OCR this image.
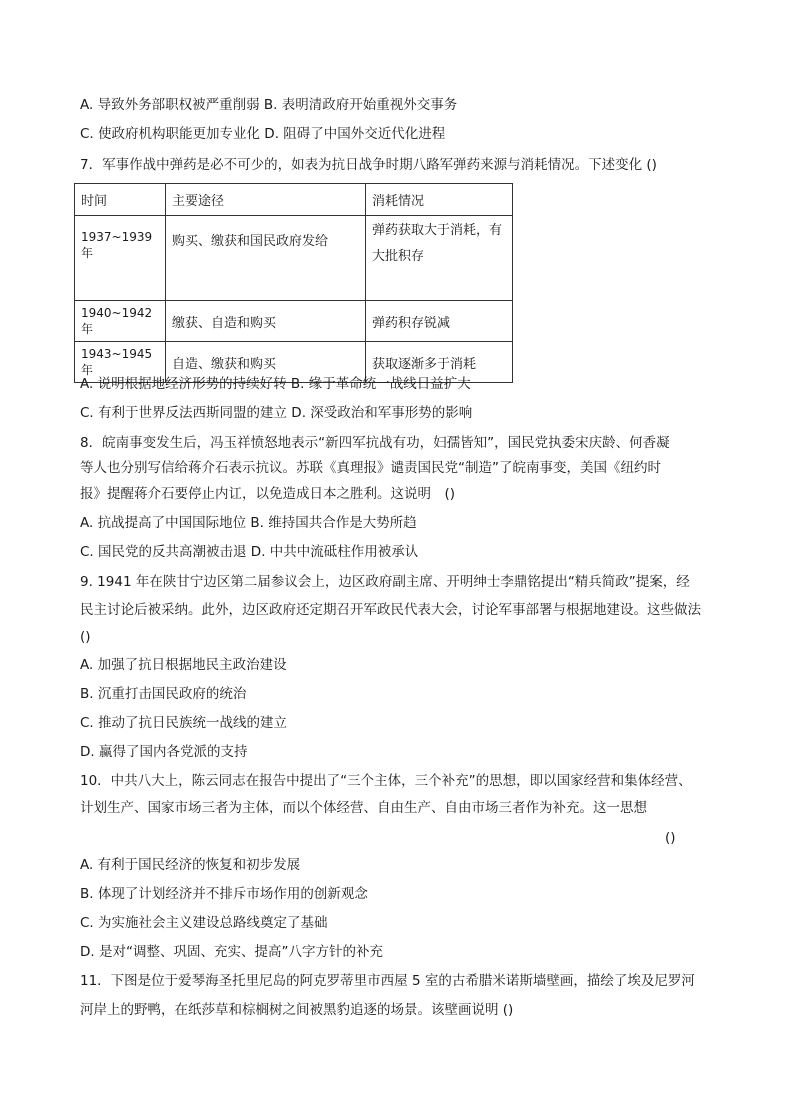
A. 导致外务部职权被严重削弱 B. 表明清政府开始重视外交事务
C. 使政府机构职能更加专业化 D. 阻碍了中国外交近代化进程
7．军事作战中弹药是必不可少的，如表为抗日战争时期八路军弹药来源与消耗情况。下述变化 ()
时间	主要途径	消耗情况
1937~1939 年	购买、缴获和国民政府发给	弹药获取大于消耗，有大批积存
1940~1942 年	缴获、自造和购买	弹药积存锐减
1943~1945 年	自造、缴获和购买	获取逐渐多于消耗
A. 说明根据地经济形势的持续好转 B. 缘于革命统一战线日益扩大
C. 有利于世界反法西斯同盟的建立 D. 深受政治和军事形势的影响
8．皖南事变发生后，冯玉祥愤怒地表示“新四军抗战有功，妇孺皆知”，国民党执委宋庆龄、何香凝
等人也分别写信给蒋介石表示抗议。苏联《真理报》谴责国民党“制造”了皖南事变，美国《纽约时
报》提醒蒋介石要停止内讧，以免造成日本之胜利。这说明　()
A. 抗战提高了中国国际地位 B. 维持国共合作是大势所趋
C. 国民党的反共高潮被击退 D. 中共中流砥柱作用被承认
9. 1941 年在陕甘宁边区第二届参议会上，边区政府副主席、开明绅士李鼎铭提出“精兵简政”提案，经
民主讨论后被采纳。此外，边区政府还定期召开军政民代表大会，讨论军事部署与根据地建设。这些做法
()
A. 加强了抗日根据地民主政治建设
B. 沉重打击国民政府的统治
C. 推动了抗日民族统一战线的建立
D. 赢得了国内各党派的支持
10．中共八大上，陈云同志在报告中提出了“三个主体，三个补充”的思想，即以国家经营和集体经营、
计划生产、国家市场三者为主体，而以个体经营、自由生产、自由市场三者作为补充。这一思想
()
A. 有利于国民经济的恢复和初步发展
B. 体现了计划经济并不排斥市场作用的创新观念
C. 为实施社会主义建设总路线奠定了基础
D. 是对“调整、巩固、充实、提高”八字方针的补充
11．下图是位于爱琴海圣托里尼岛的阿克罗蒂里市西屋 5 室的古希腊米诺斯墙壁画，描绘了埃及尼罗河
河岸上的野鸭，在纸莎草和棕榈树之间被黑豹追逐的场景。该壁画说明 ()
